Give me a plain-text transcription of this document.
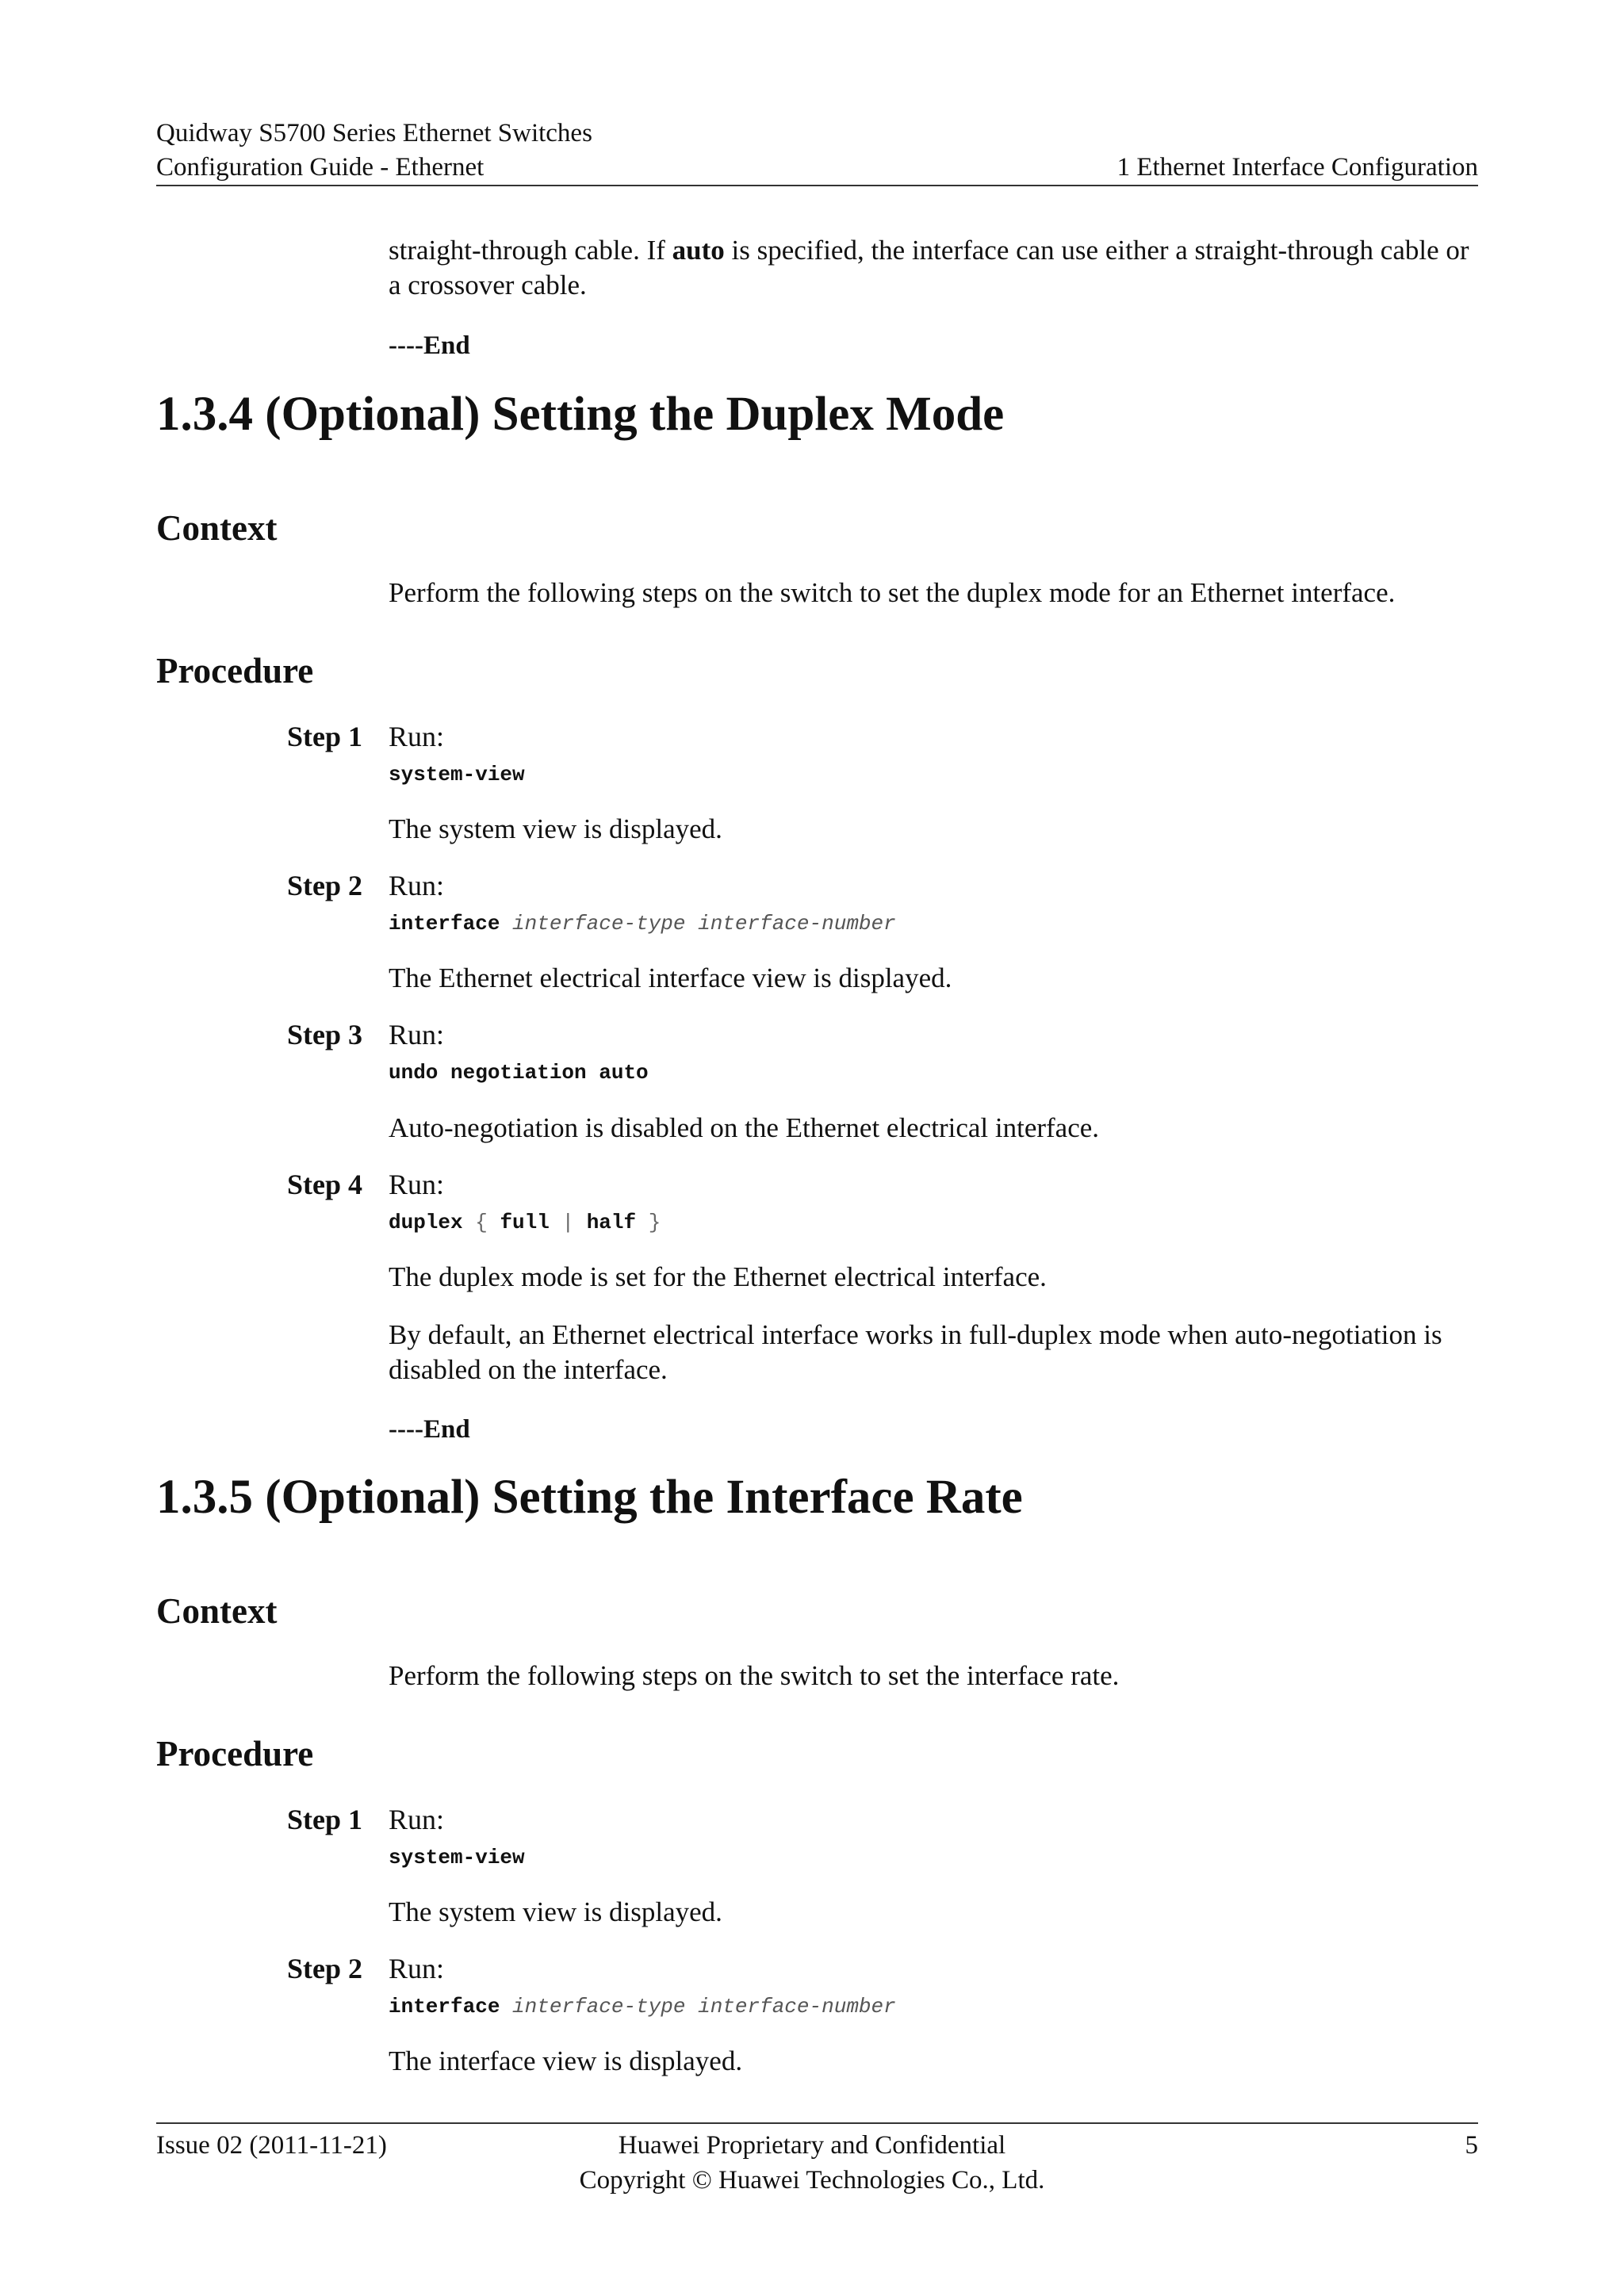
Quidway S5700 Series Ethernet Switches
Configuration Guide - Ethernet	1 Ethernet Interface Configuration
straight-through cable. If auto is specified, the interface can use either a straight-through cable or a crossover cable.
----End
1.3.4 (Optional) Setting the Duplex Mode
Context
Perform the following steps on the switch to set the duplex mode for an Ethernet interface.
Procedure
Step 1 Run:
system-view
The system view is displayed.
Step 2 Run:
interface interface-type interface-number
The Ethernet electrical interface view is displayed.
Step 3 Run:
undo negotiation auto
Auto-negotiation is disabled on the Ethernet electrical interface.
Step 4 Run:
duplex { full | half }
The duplex mode is set for the Ethernet electrical interface.
By default, an Ethernet electrical interface works in full-duplex mode when auto-negotiation is disabled on the interface.
----End
1.3.5 (Optional) Setting the Interface Rate
Context
Perform the following steps on the switch to set the interface rate.
Procedure
Step 1 Run:
system-view
The system view is displayed.
Step 2 Run:
interface interface-type interface-number
The interface view is displayed.
Issue 02 (2011-11-21)	Huawei Proprietary and Confidential
Copyright © Huawei Technologies Co., Ltd.
5
